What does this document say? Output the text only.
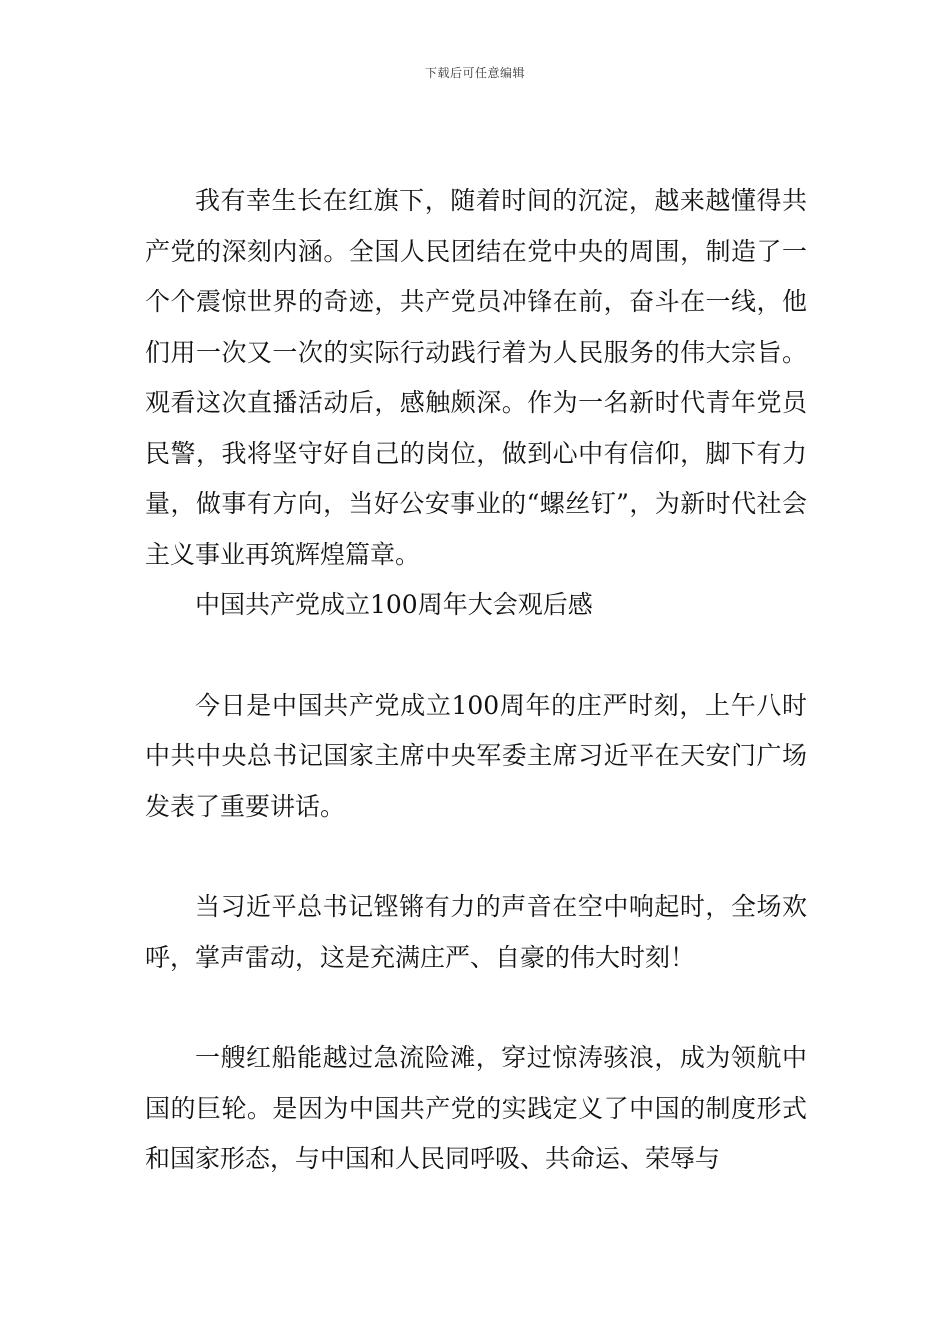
下载后可任意编辑

我有幸生长在红旗下，随着时间的沉淀，越来越懂得共产党的深刻内涵。全国人民团结在党中央的周围，制造了一个个震惊世界的奇迹，共产党员冲锋在前，奋斗在一线，他们用一次又一次的实际行动践行着为人民服务的伟大宗旨。观看这次直播活动后，感触颇深。作为一名新时代青年党员民警，我将坚守好自己的岗位，做到心中有信仰，脚下有力量，做事有方向，当好公安事业的“螺丝钉”，为新时代社会主义事业再筑辉煌篇章。

中国共产党成立100周年大会观后感

今日是中国共产党成立100周年的庄严时刻，上午八时中共中央总书记国家主席中央军委主席习近平在天安门广场发表了重要讲话。

当习近平总书记铿锵有力的声音在空中响起时，全场欢呼，掌声雷动，这是充满庄严、自豪的伟大时刻！

一艘红船能越过急流险滩，穿过惊涛骇浪，成为领航中国的巨轮。是因为中国共产党的实践定义了中国的制度形式和国家形态，与中国和人民同呼吸、共命运、荣辱与
